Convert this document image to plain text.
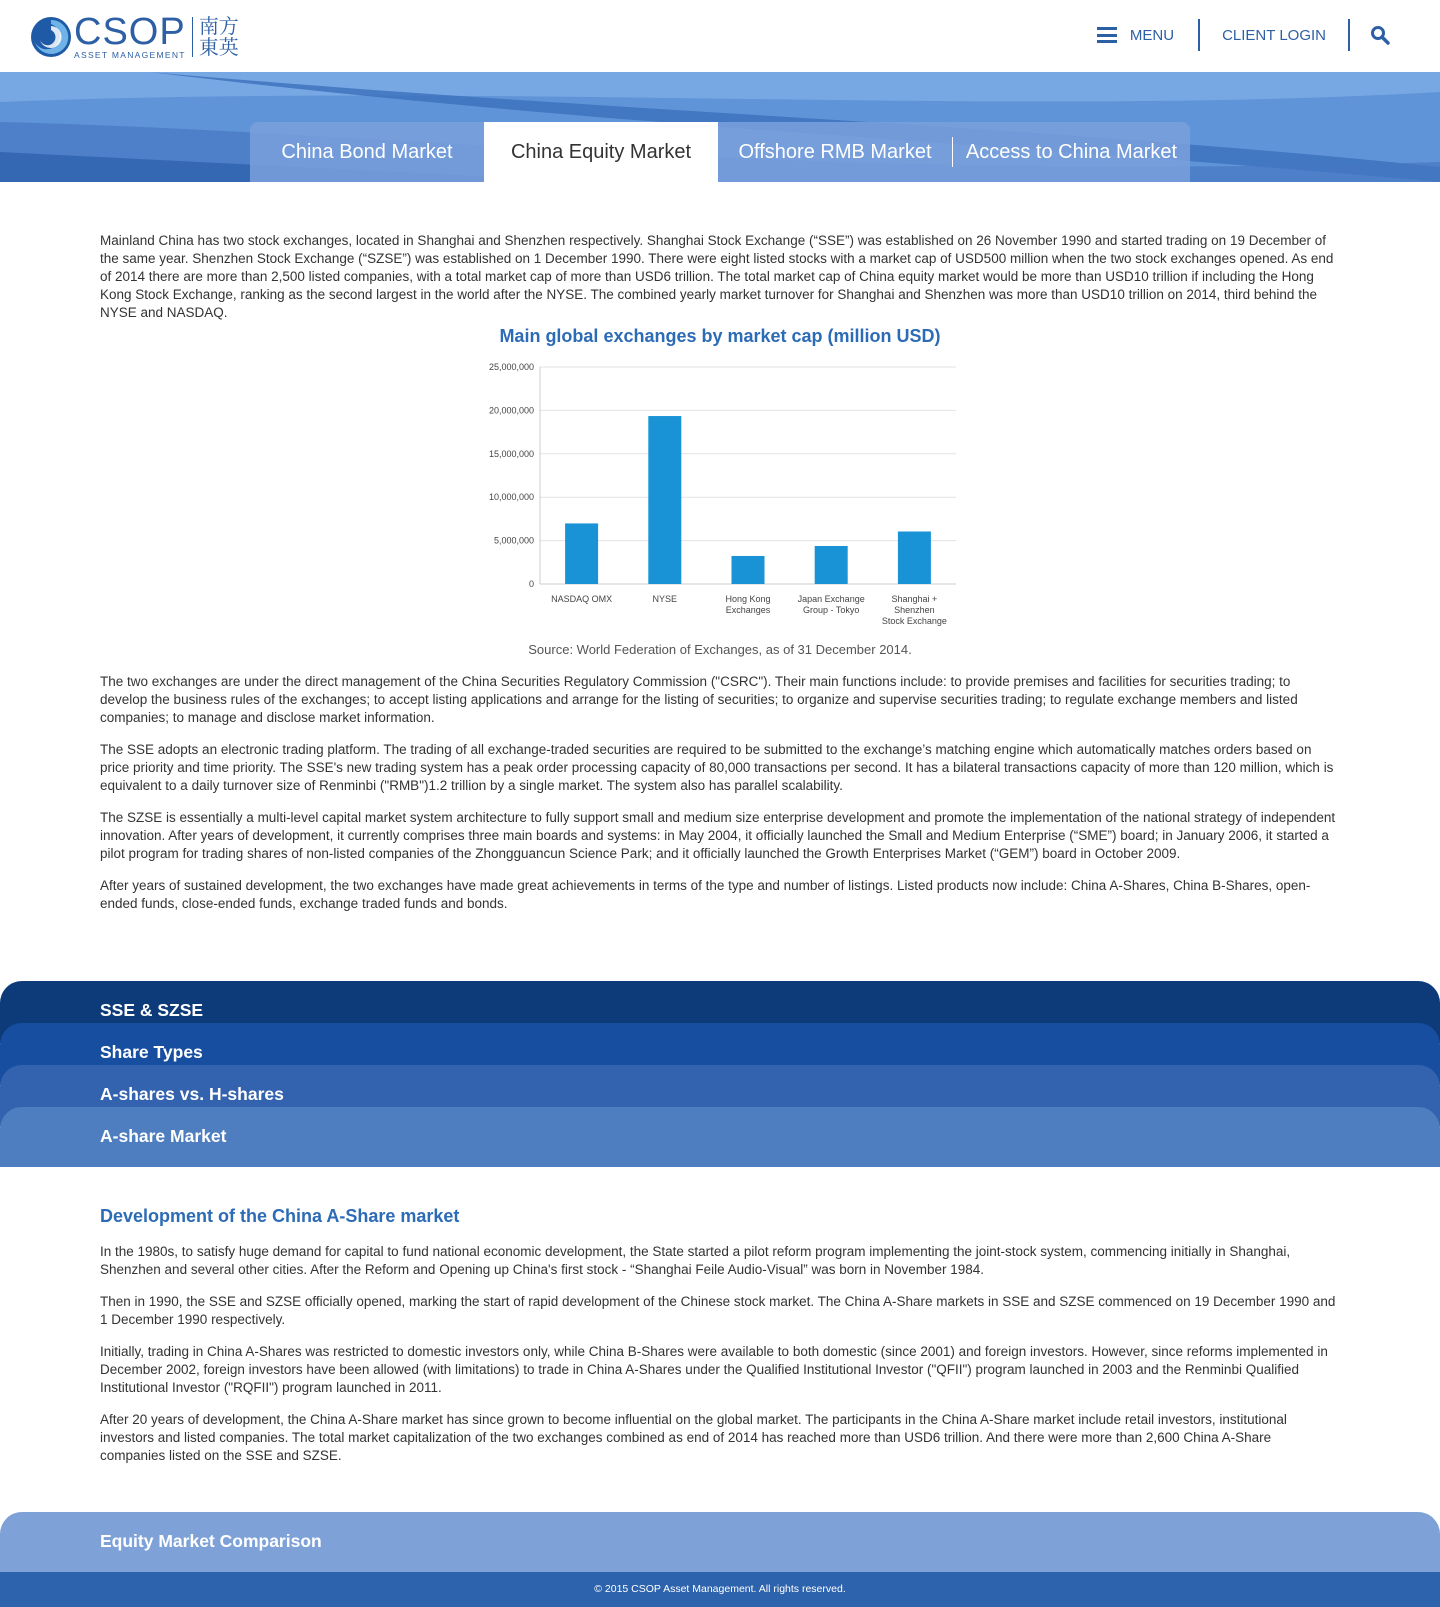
CSOP
ASSET MANAGEMENT
南方
東英	MENU	CLIENT LOGIN
China Bond Market	China Equity Market	Offshore RMB Market	Access to China Market

Mainland China has two stock exchanges, located in Shanghai and Shenzhen respectively. Shanghai Stock Exchange (“SSE”) was established on 26 November 1990 and started trading on 19 December of the same year. Shenzhen Stock Exchange (“SZSE”) was established on 1 December 1990. There were eight listed stocks with a market cap of USD500 million when the two stock exchanges opened. As end of 2014 there are more than 2,500 listed companies, with a total market cap of more than USD6 trillion. The total market cap of China equity market would be more than USD10 trillion if including the Hong Kong Stock Exchange, ranking as the second largest in the world after the NYSE. The combined yearly market turnover for Shanghai and Shenzhen was more than USD10 trillion on 2014, third behind the NYSE and NASDAQ.

Main global exchanges by market cap (million USD)
0
5,000,000
10,000,000
15,000,000
20,000,000
25,000,000
NASDAQ OMX	NYSE	Hong Kong
Exchanges
Japan Exchange
Group - Tokyo
Shanghai +
Shenzhen
Stock Exchange
Source: World Federation of Exchanges, as of 31 December 2014.

The two exchanges are under the direct management of the China Securities Regulatory Commission ("CSRC"). Their main functions include: to provide premises and facilities for securities trading; to develop the business rules of the exchanges; to accept listing applications and arrange for the listing of securities; to organize and supervise securities trading; to regulate exchange members and listed companies; to manage and disclose market information.

The SSE adopts an electronic trading platform. The trading of all exchange-traded securities are required to be submitted to the exchange’s matching engine which automatically matches orders based on price priority and time priority. The SSE's new trading system has a peak order processing capacity of 80,000 transactions per second. It has a bilateral transactions capacity of more than 120 million, which is equivalent to a daily turnover size of Renminbi ("RMB")1.2 trillion by a single market. The system also has parallel scalability.

The SZSE is essentially a multi-level capital market system architecture to fully support small and medium size enterprise development and promote the implementation of the national strategy of independent innovation. After years of development, it currently comprises three main boards and systems: in May 2004, it officially launched the Small and Medium Enterprise (“SME”) board; in January 2006, it started a pilot program for trading shares of non-listed companies of the Zhongguancun Science Park; and it officially launched the Growth Enterprises Market (“GEM”) board in October 2009.

After years of sustained development, the two exchanges have made great achievements in terms of the type and number of listings. Listed products now include: China A-Shares, China B-Shares, open-ended funds, close-ended funds, exchange traded funds and bonds.

SSE & SZSE
Share Types
A-shares vs. H-shares
A-share Market
Development of the China A-Share market

In the 1980s, to satisfy huge demand for capital to fund national economic development, the State started a pilot reform program implementing the joint-stock system, commencing initially in Shanghai, Shenzhen and several other cities. After the Reform and Opening up China's first stock - “Shanghai Feile Audio-Visual” was born in November 1984.

Then in 1990, the SSE and SZSE officially opened, marking the start of rapid development of the Chinese stock market. The China A-Share markets in SSE and SZSE commenced on 19 December 1990 and 1 December 1990 respectively.

Initially, trading in China A-Shares was restricted to domestic investors only, while China B-Shares were available to both domestic (since 2001) and foreign investors. However, since reforms implemented in December 2002, foreign investors have been allowed (with limitations) to trade in China A-Shares under the Qualified Institutional Investor ("QFII") program launched in 2003 and the Renminbi Qualified Institutional Investor ("RQFII") program launched in 2011.

After 20 years of development, the China A-Share market has since grown to become influential on the global market. The participants in the China A-Share market include retail investors, institutional investors and listed companies. The total market capitalization of the two exchanges combined as end of 2014 has reached more than USD6 trillion. And there were more than 2,600 China A-Share companies listed on the SSE and SZSE.

Equity Market Comparison
© 2015 CSOP Asset Management. All rights reserved.
